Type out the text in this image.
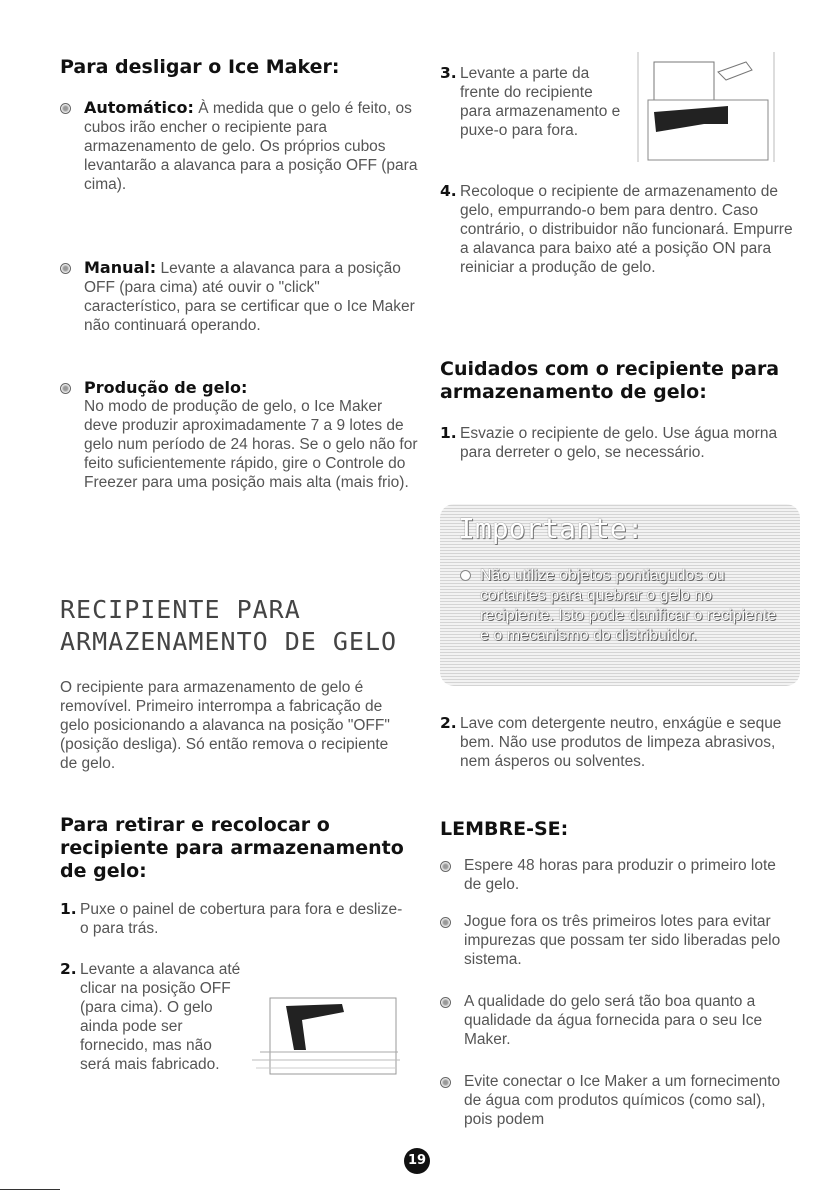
Para desligar o Ice Maker:
Automático: À medida que o gelo é feito, os cubos irão encher o recipiente para armazenamento de gelo. Os próprios cubos levantarão a alavanca para a posição OFF (para cima).
Manual: Levante a alavanca para a posição OFF (para cima) até ouvir o "click" característico, para se certificar que o Ice Maker não continuará operando.
Produção de gelo:
No modo de produção de gelo, o Ice Maker deve produzir aproximadamente 7 a 9 lotes de gelo num período de 24 horas. Se o gelo não for feito suficientemente rápido, gire o Controle do Freezer para uma posição mais alta (mais frio).
RECIPIENTE PARA
ARMAZENAMENTO DE GELO
O recipiente para armazenamento de gelo é removível. Primeiro interrompa a fabricação de gelo posicionando a alavanca na posição "OFF" (posição desliga). Só então remova o recipiente de gelo.
Para retirar e recolocar o recipiente para armazenamento de gelo:
1. Puxe o painel de cobertura para fora e deslize-o para trás.
2. Levante a alavanca até clicar na posição OFF (para cima). O gelo ainda pode ser fornecido, mas não será mais fabricado.
3. Levante a parte da frente do recipiente para armazenamento e puxe-o para fora.
4. Recoloque o recipiente de armazenamento de gelo, empurrando-o bem para dentro. Caso contrário, o distribuidor não funcionará. Empurre a alavanca para baixo até a posição ON para reiniciar a produção de gelo.
Cuidados com o recipiente para armazenamento de gelo:
1. Esvazie o recipiente de gelo. Use água morna para derreter o gelo, se necessário.
2. Lave com detergente neutro, enxágüe e seque bem. Não use produtos de limpeza abrasivos, nem ásperos ou solventes.
LEMBRE-SE:
Espere 48 horas para produzir o primeiro lote de gelo.
Jogue fora os três primeiros lotes para evitar impurezas que possam ter sido liberadas pelo sistema.
A qualidade do gelo será tão boa quanto a qualidade da água fornecida para o seu Ice Maker.
Evite conectar o Ice Maker a um fornecimento de água com produtos químicos (como sal), pois podem
Importante:
Não utilize objetos pontiagudos ou cortantes para quebrar o gelo no recipiente. Isto pode danificar o recipiente e o mecanismo do distribuidor.
19
